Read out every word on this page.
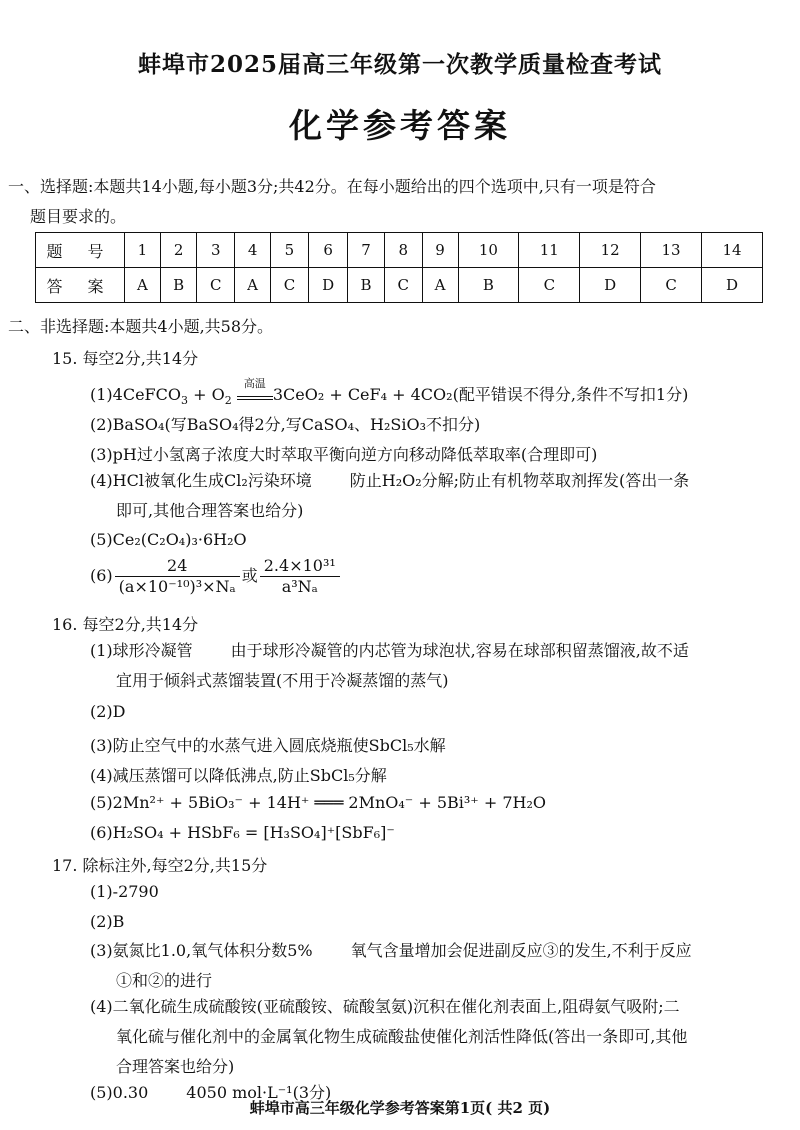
蚌埠市2025届高三年级第一次教学质量检查考试
化学参考答案
一、选择题:本题共14小题,每小题3分;共42分。在每小题给出的四个选项中,只有一项是符合
题目要求的。
题 号	1	2	3	4	5	6	7	8	9	10	11	12	13	14
答 案	A	B	C	A	C	D	B	C	A	B	C	D	C	D
二、非选择题:本题共4小题,共58分。
15. 每空2分,共14分
(1)4CeFCO$_3$ + $O_2$
高温
3CeO₂ + CeF₄ + 4CO₂(配平错误不得分,条件不写扣1分)
(2)BaSO₄(写BaSO₄得2分,写CaSO₄、H₂SiO₃不扣分)
(3)pH过小氢离子浓度大时萃取平衡向逆方向移动降低萃取率(合理即可)
(4)HCl被氧化生成Cl₂污染环境 防止H₂O₂分解;防止有机物萃取剂挥发(答出一条
即可,其他合理答案也给分)
(5)Ce₂(C₂O₄)₃·6H₂O
$(6) \frac{24}{\text{(a×10⁻¹⁰)³×Nₐ}}$ 或 $\frac{\text{2.4×10³¹}}{\text{a³Nₐ}}$
16. 每空2分,共14分
(1)球形冷凝管 由于球形冷凝管的内芯管为球泡状,容易在球部积留蒸馏液,故不适
宜用于倾斜式蒸馏装置(不用于冷凝蒸馏的蒸气)
(2)D
(3)防止空气中的水蒸气进入圆底烧瓶使SbCl₅水解
(4)减压蒸馏可以降低沸点,防止SbCl₅分解
(5)2Mn²⁺ + 5BiO₃⁻ + 14H⁺ ═══ 2MnO₄⁻ + 5Bi³⁺ + 7H₂O
(6)H₂SO₄ + HSbF₆ = [H₃SO₄]⁺[SbF₆]⁻
17. 除标注外,每空2分,共15分
(1)-2790
(2)B
(3)氨氮比1.0,氧气体积分数5% 氧气含量增加会促进副反应③的发生,不利于反应
①和②的进行
(4)二氧化硫生成硫酸铵(亚硫酸铵、硫酸氢氨)沉积在催化剂表面上,阻碍氨气吸附;二
氧化硫与催化剂中的金属氧化物生成硫酸盐使催化剂活性降低(答出一条即可,其他
合理答案也给分)
(5)0.30 4050 mol·L⁻¹(3分)
蚌埠市高三年级化学参考答案第1页( 共2 页)
